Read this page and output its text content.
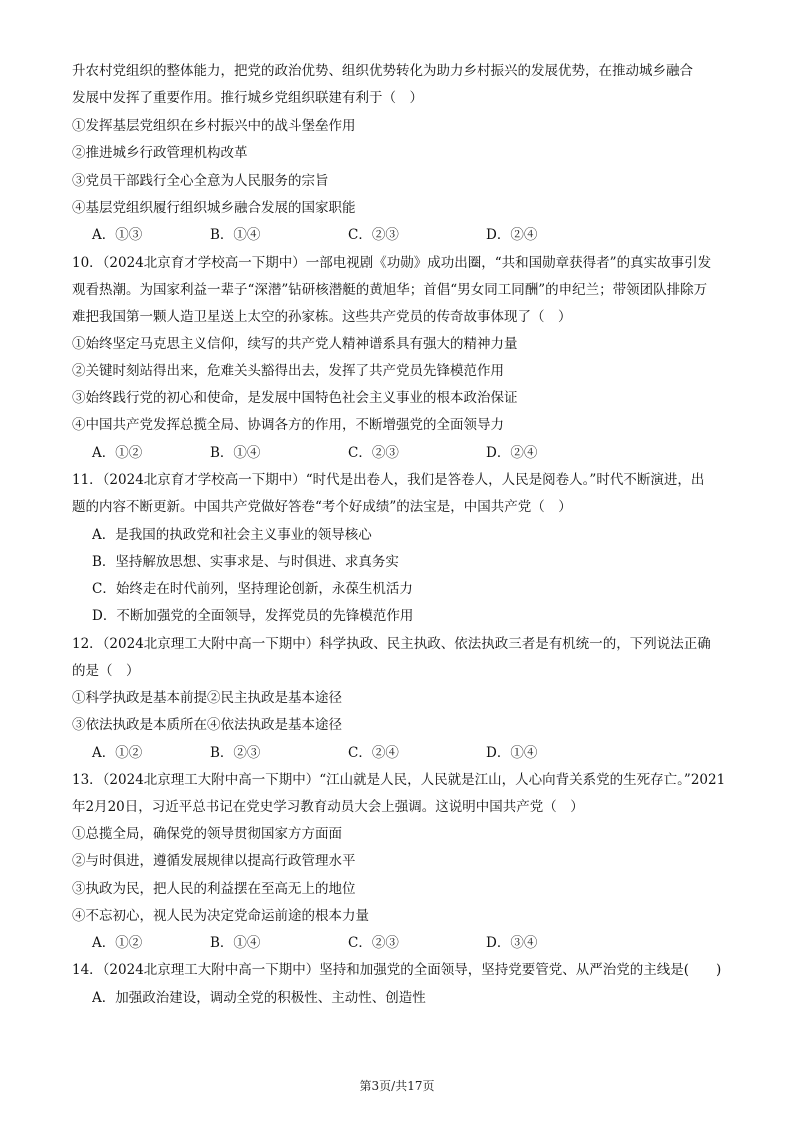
升农村党组织的整体能力，把党的政治优势、组织优势转化为助力乡村振兴的发展优势，在推动城乡融合
发展中发挥了重要作用。推行城乡党组织联建有利于（　）
①发挥基层党组织在乡村振兴中的战斗堡垒作用
②推进城乡行政管理机构改革
③党员干部践行全心全意为人民服务的宗旨
④基层党组织履行组织城乡融合发展的国家职能
A．①③	B．①④	C．②③	D．②④
10．（2024北京育才学校高一下期中）一部电视剧《功勋》成功出圈，“共和国勋章获得者”的真实故事引发
观看热潮。为国家利益一辈子“深潜”钻研核潜艇的黄旭华；首倡“男女同工同酬”的申纪兰；带领团队排除万
难把我国第一颗人造卫星送上太空的孙家栋。这些共产党员的传奇故事体现了（　）
①始终坚定马克思主义信仰，续写的共产党人精神谱系具有强大的精神力量
②关键时刻站得出来，危难关头豁得出去，发挥了共产党员先锋模范作用
③始终践行党的初心和使命，是发展中国特色社会主义事业的根本政治保证
④中国共产党发挥总揽全局、协调各方的作用，不断增强党的全面领导力
A．①②	B．①④	C．②③	D．②④
11．（2024北京育才学校高一下期中）“时代是出卷人，我们是答卷人，人民是阅卷人。”时代不断演进，出
题的内容不断更新。中国共产党做好答卷“考个好成绩”的法宝是，中国共产党（　）
A．是我国的执政党和社会主义事业的领导核心
B．坚持解放思想、实事求是、与时俱进、求真务实
C．始终走在时代前列，坚持理论创新，永葆生机活力
D．不断加强党的全面领导，发挥党员的先锋模范作用
12．（2024北京理工大附中高一下期中）科学执政、民主执政、依法执政三者是有机统一的，下列说法正确
的是（　）
①科学执政是基本前提②民主执政是基本途径
③依法执政是本质所在④依法执政是基本途径
A．①②	B．②③	C．②④	D．①④
13．（2024北京理工大附中高一下期中）“江山就是人民，人民就是江山，人心向背关系党的生死存亡。”2021
年2月20日，习近平总书记在党史学习教育动员大会上强调。这说明中国共产党（　）
①总揽全局，确保党的领导贯彻国家方方面面
②与时俱进，遵循发展规律以提高行政管理水平
③执政为民，把人民的利益摆在至高无上的地位
④不忘初心，视人民为决定党命运前途的根本力量
A．①②	B．①④	C．②③	D．③④
14．（2024北京理工大附中高一下期中）坚持和加强党的全面领导，坚持党要管党、从严治党的主线是(　　)
A．加强政治建设，调动全党的积极性、主动性、创造性
第3页/共17页
